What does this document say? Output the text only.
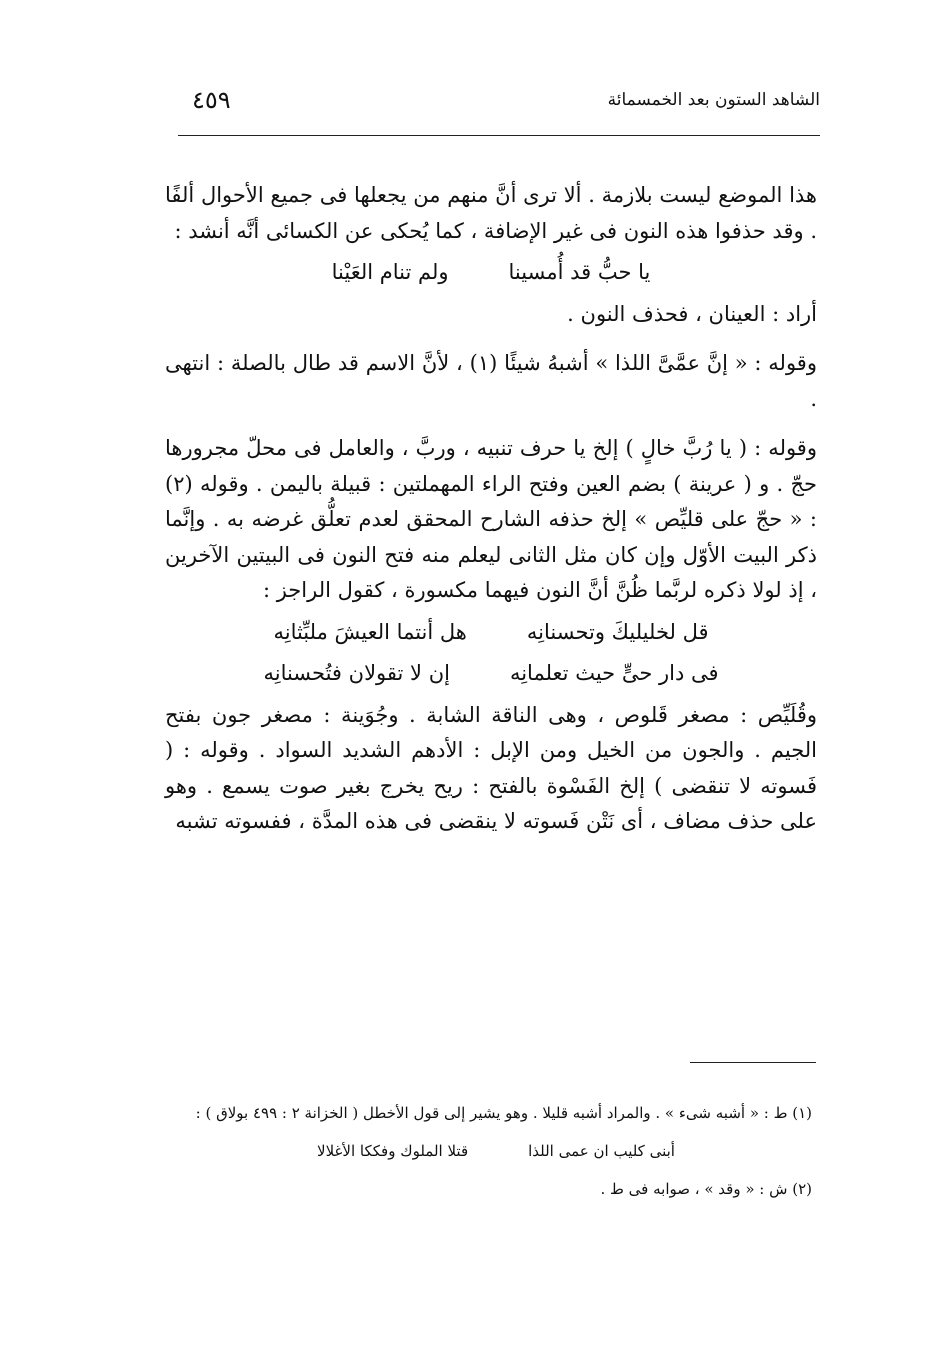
الشاهد الستون بعد الخمسمائة
٤٥٩

هذا الموضع ليست بلازمة . ألا ترى أنَّ منهم من يجعلها فى جميع الأحوال ألفًا . وقد حذفوا هذه النون فى غير الإضافة ، كما يُحكى عن الكسائى أنَّه أنشد :

يا حبُّ قد أُمسينا
ولم تنام العَيْنا

أراد : العينان ، فحذف النون .

وقوله : « إنَّ عمَّىَّ اللذا » أشبهُ شيئًا (١) ، لأنَّ الاسم قد طال بالصلة : انتهى .

وقوله : ( يا رُبَّ خالٍ ) إلخ يا حرف تنبيه ، وربَّ ، والعامل فى محلّ مجرورها حجّ . و ( عرينة ) بضم العين وفتح الراء المهملتين : قبيلة باليمن . وقوله (٢) : « حجّ على قليِّص » إلخ حذفه الشارح المحقق لعدم تعلُّق غرضه به . وإنَّما ذكر البيت الأوّل وإن كان مثل الثانى ليعلم منه فتح النون فى البيتين الآخرين ، إذ لولا ذكره لربَّما ظُنَّ أنَّ النون فيهما مكسورة ، كقول الراجز :

قل لخليليكَ وتحسنانِه
هل أنتما العيشَ ملبِّثانِه
فى دار حىٍّ حيث تعلمانِه
إن لا تقولان فتُحسنانِه

وقُلَيِّص : مصغر قَلوص ، وهى الناقة الشابة . وجُوَينة : مصغر جون بفتح الجيم . والجون من الخيل ومن الإبل : الأدهم الشديد السواد . وقوله : ( فَسوته لا تنقضى ) إلخ الفَسْوة بالفتح : ريح يخرج بغير صوت يسمع . وهو على حذف مضاف ، أى نَتْن فَسوته لا ينقضى فى هذه المدَّة ، ففسوته تشبه

(١) ط : « أشبه شىء » . والمراد أشبه قليلا . وهو يشير إلى قول الأخطل ( الخزانة ٢ : ٤٩٩ بولاق ) :

أبنى كليب ان عمى اللذا
قتلا الملوك وفككا الأغلالا

(٢) ش : « وقد » ، صوابه فى ط .
